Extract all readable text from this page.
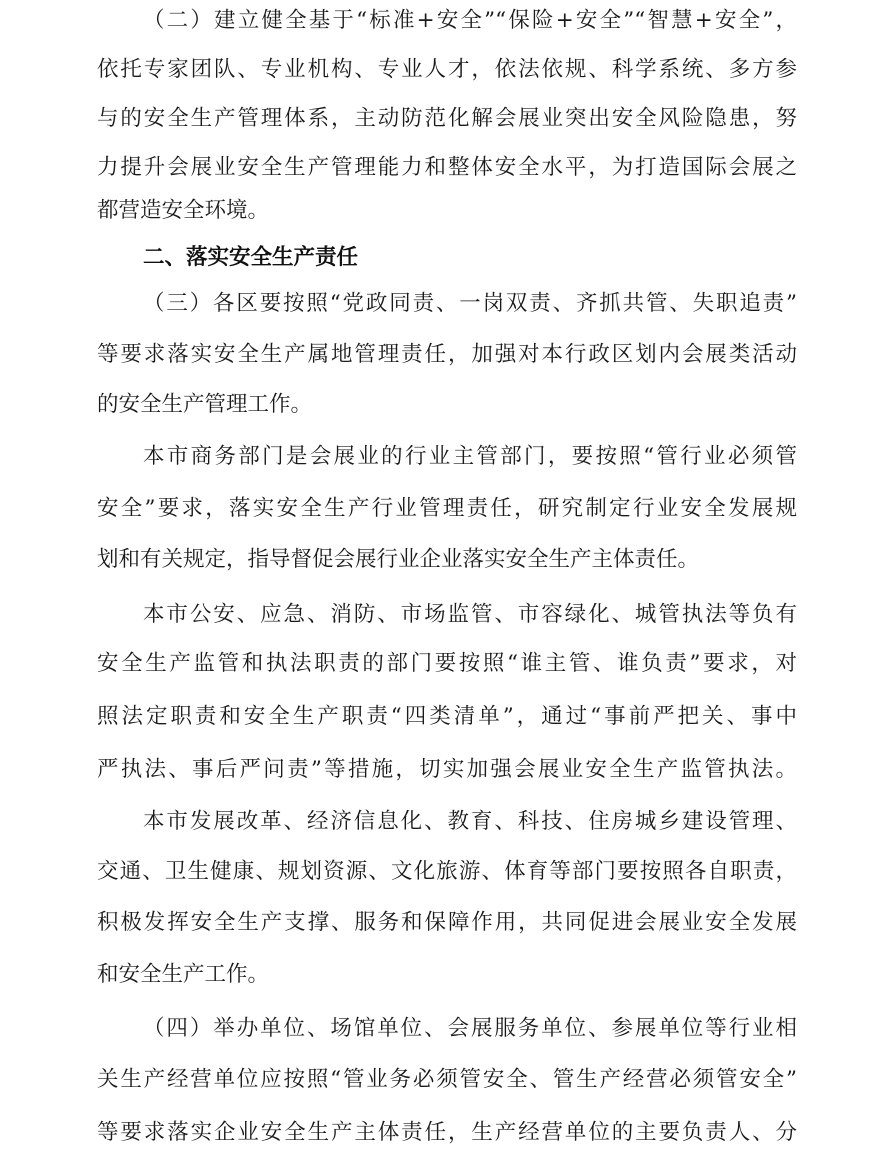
（二）建立健全基于“标准+安全”“保险+安全”“智慧+安全”，
依托专家团队、专业机构、专业人才，依法依规、科学系统、多方参
与的安全生产管理体系，主动防范化解会展业突出安全风险隐患，努
力提升会展业安全生产管理能力和整体安全水平，为打造国际会展之
都营造安全环境。
二、落实安全生产责任
（三）各区要按照“党政同责、一岗双责、齐抓共管、失职追责”
等要求落实安全生产属地管理责任，加强对本行政区划内会展类活动
的安全生产管理工作。
本市商务部门是会展业的行业主管部门，要按照“管行业必须管
安全”要求，落实安全生产行业管理责任，研究制定行业安全发展规
划和有关规定，指导督促会展行业企业落实安全生产主体责任。
本市公安、应急、消防、市场监管、市容绿化、城管执法等负有
安全生产监管和执法职责的部门要按照“谁主管、谁负责”要求，对
照法定职责和安全生产职责“四类清单”，通过“事前严把关、事中
严执法、事后严问责”等措施，切实加强会展业安全生产监管执法。
本市发展改革、经济信息化、教育、科技、住房城乡建设管理、
交通、卫生健康、规划资源、文化旅游、体育等部门要按照各自职责，
积极发挥安全生产支撑、服务和保障作用，共同促进会展业安全发展
和安全生产工作。
（四）举办单位、场馆单位、会展服务单位、参展单位等行业相
关生产经营单位应按照“管业务必须管安全、管生产经营必须管安全”
等要求落实企业安全生产主体责任，生产经营单位的主要负责人、分
